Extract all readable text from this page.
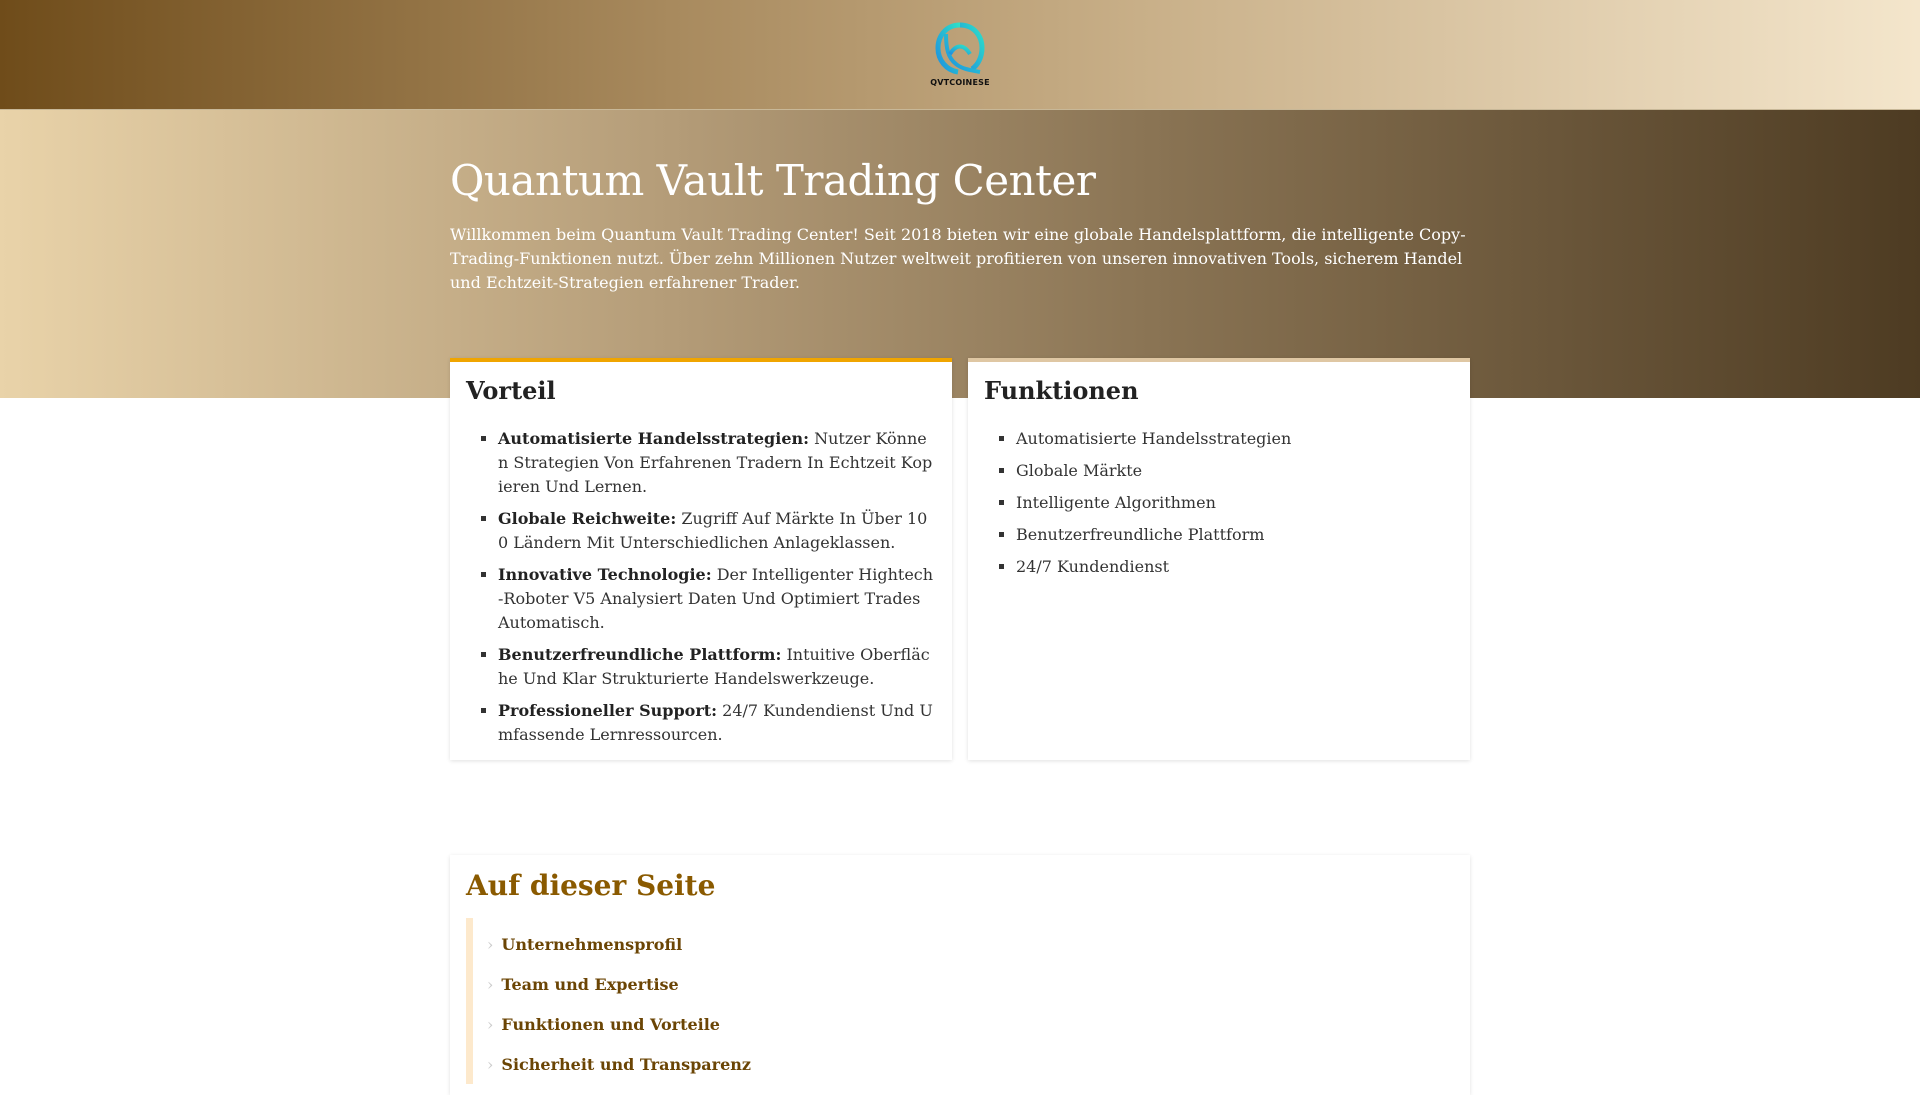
QVTCOINESE
Quantum Vault Trading Center

Willkommen beim Quantum Vault Trading Center! Seit 2018 bieten wir eine globale Handelsplattform, die intelligente Copy-Trading-Funktionen nutzt. Über zehn Millionen Nutzer weltweit profitieren von unseren innovativen Tools, sicherem Handel und Echtzeit-Strategien erfahrener Trader.

Vorteil
▪ Automatisierte Handelsstrategien: Nutzer Können Strategien Von Erfahrenen Tradern In Echtzeit Kopieren Und Lernen.
▪ Globale Reichweite: Zugriff Auf Märkte In Über 100 Ländern Mit Unterschiedlichen Anlageklassen.
▪ Innovative Technologie: Der Intelligenter Hightech-Roboter V5 Analysiert Daten Und Optimiert Trades Automatisch.
▪ Benutzerfreundliche Plattform: Intuitive Oberfläche Und Klar Strukturierte Handelswerkzeuge.
▪ Professioneller Support: 24/7 Kundendienst Und Umfassende Lernressourcen.
Funktionen
▪ Automatisierte Handelsstrategien
▪ Globale Märkte
▪ Intelligente Algorithmen
▪ Benutzerfreundliche Plattform
▪ 24/7 Kundendienst
Auf dieser Seite
› Unternehmensprofil
› Team und Expertise
› Funktionen und Vorteile
› Sicherheit und Transparenz
